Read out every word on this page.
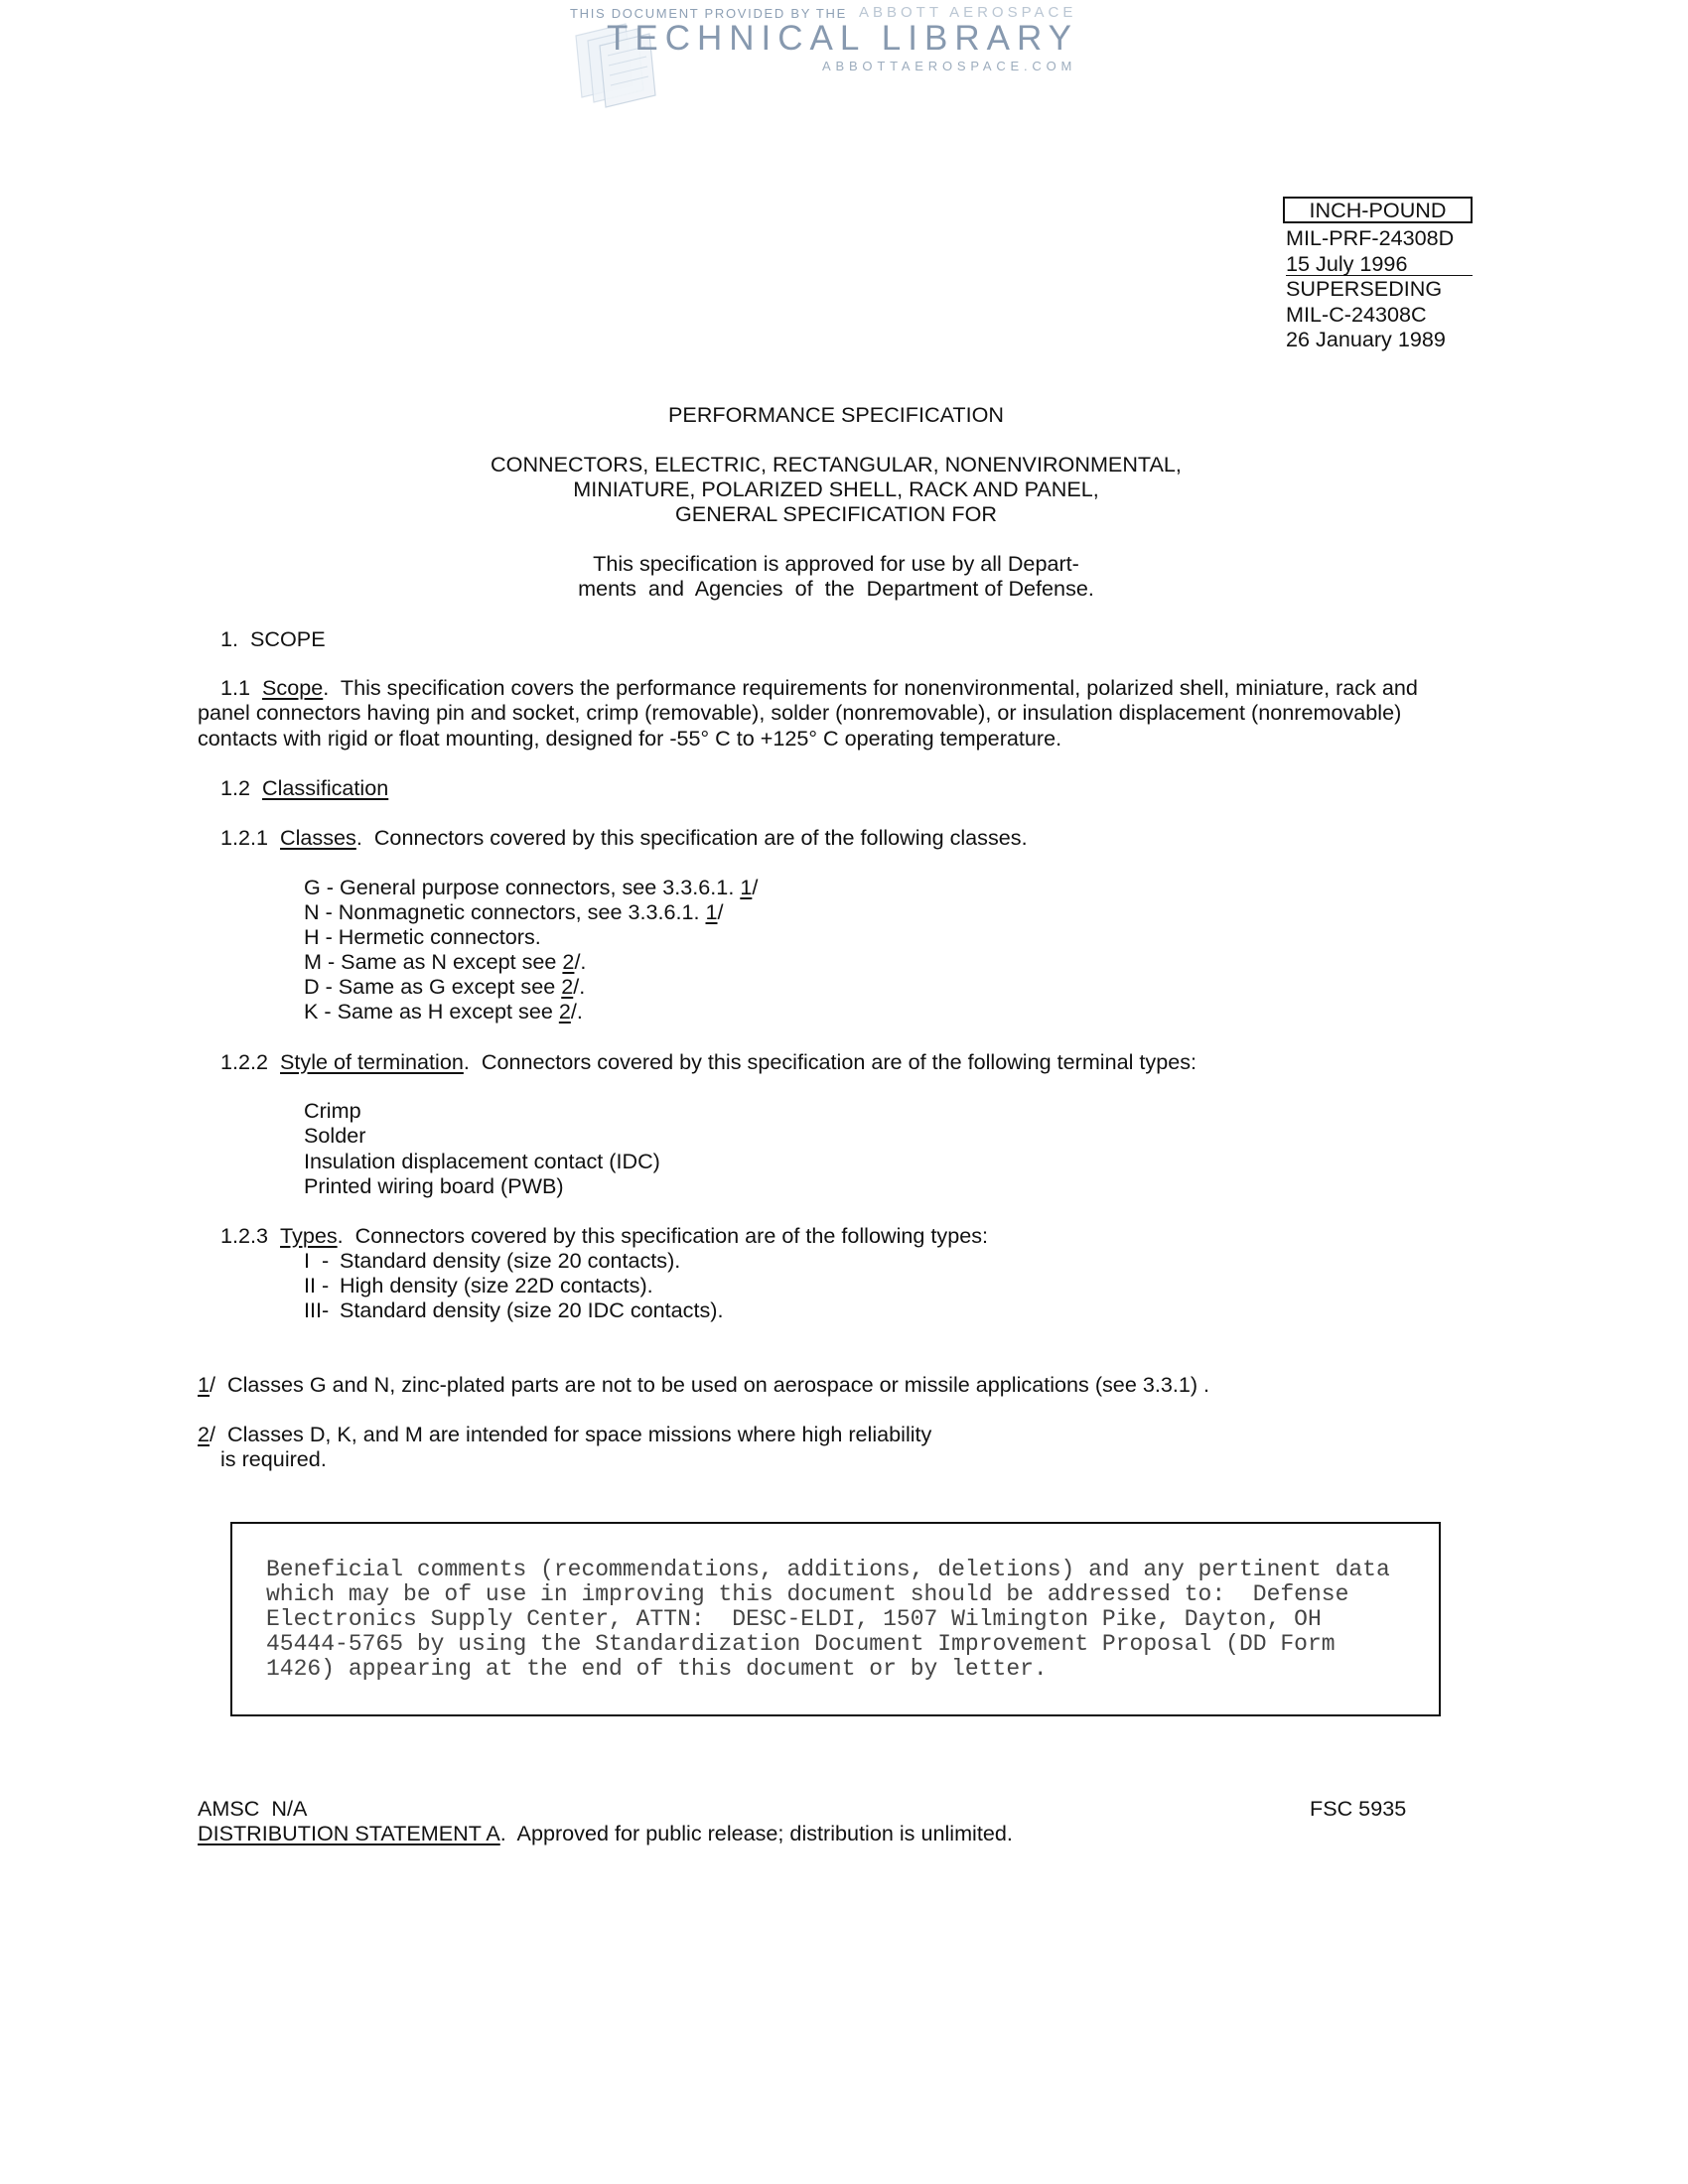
THIS DOCUMENT PROVIDED BY THE ABBOTT AEROSPACE
TECHNICAL LIBRARY
ABBOTTAEROSPACE.COM
INCH-POUND
MIL-PRF-24308D
15 July 1996
SUPERSEDING
MIL-C-24308C
26 January 1989
PERFORMANCE SPECIFICATION
CONNECTORS, ELECTRIC, RECTANGULAR, NONENVIRONMENTAL,
MINIATURE, POLARIZED SHELL, RACK AND PANEL,
GENERAL SPECIFICATION FOR
This specification is approved for use by all Depart-
ments  and  Agencies  of  the  Department of Defense.
1.  SCOPE
1.1 Scope .  This specification covers the performance requirements for nonenvironmental, polarized shell, miniature, rack and
panel connectors having pin and socket, crimp (removable), solder (nonremovable), or insulation displacement (nonremovable)
contacts with rigid or float mounting, designed for -55° C to +125° C operating temperature.
1.2 Classification
1.2.1 Classes .  Connectors covered by this specification are of the following classes.
G - General purpose connectors, see 3.3.6.1. 1 /
N - Nonmagnetic connectors, see 3.3.6.1. 1 /
H - Hermetic connectors.
M - Same as N except see 2 /.
D - Same as G except see 2 /.
K - Same as H except see 2 /.
1.2.2 Style of termination .  Connectors covered by this specification are of the following terminal types:
Crimp
Solder
Insulation displacement contact (IDC)
Printed wiring board (PWB)
1.2.3 Types .  Connectors covered by this specification are of the following types:
I  - Standard density (size 20 contacts).
II - High density (size 22D contacts).
III- Standard density (size 20 IDC contacts).
1 / Classes G and N, zinc-plated parts are not to be used on aerospace or missile applications (see 3.3.1) .
2 / Classes D, K, and M are intended for space missions where high reliability
is required.
Beneficial comments (recommendations, additions, deletions) and any pertinent data
which may be of use in improving this document should be addressed to:  Defense
Electronics Supply Center, ATTN:  DESC-ELDI, 1507 Wilmington Pike, Dayton, OH
45444-5765 by using the Standardization Document Improvement Proposal (DD Form
1426) appearing at the end of this document or by letter.
AMSC  N/A	FSC 5935
DISTRIBUTION STATEMENT A .  Approved for public release; distribution is unlimited.
